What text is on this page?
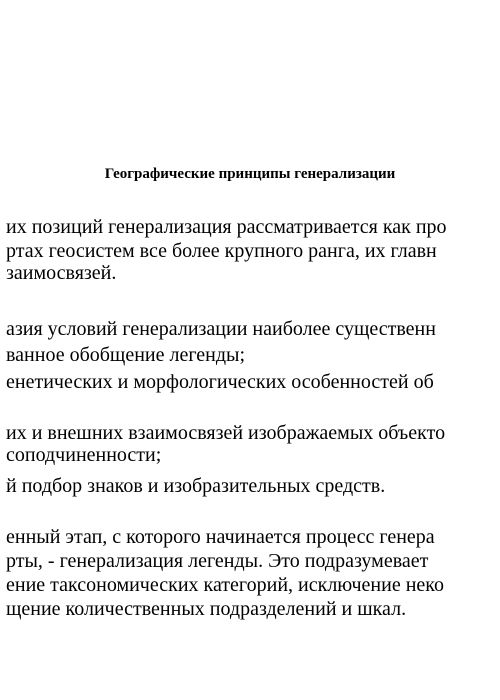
Географические принципы генерализации
их позиций генерализация рассматривается как про
ртах геосистем все более крупного ранга, их главн
заимосвязей.
азия условий генерализации наиболее существенн
ванное обобщение легенды;
енетических и морфологических особенностей об
их и внешних взаимосвязей изображаемых объекто
соподчиненности;
й подбор знаков и изобразительных средств.
енный этап, с которого начинается процесс генера
рты, - генерализация легенды. Это подразумевает
ение таксономических категорий, исключение неко
щение количественных подразделений и шкал.
